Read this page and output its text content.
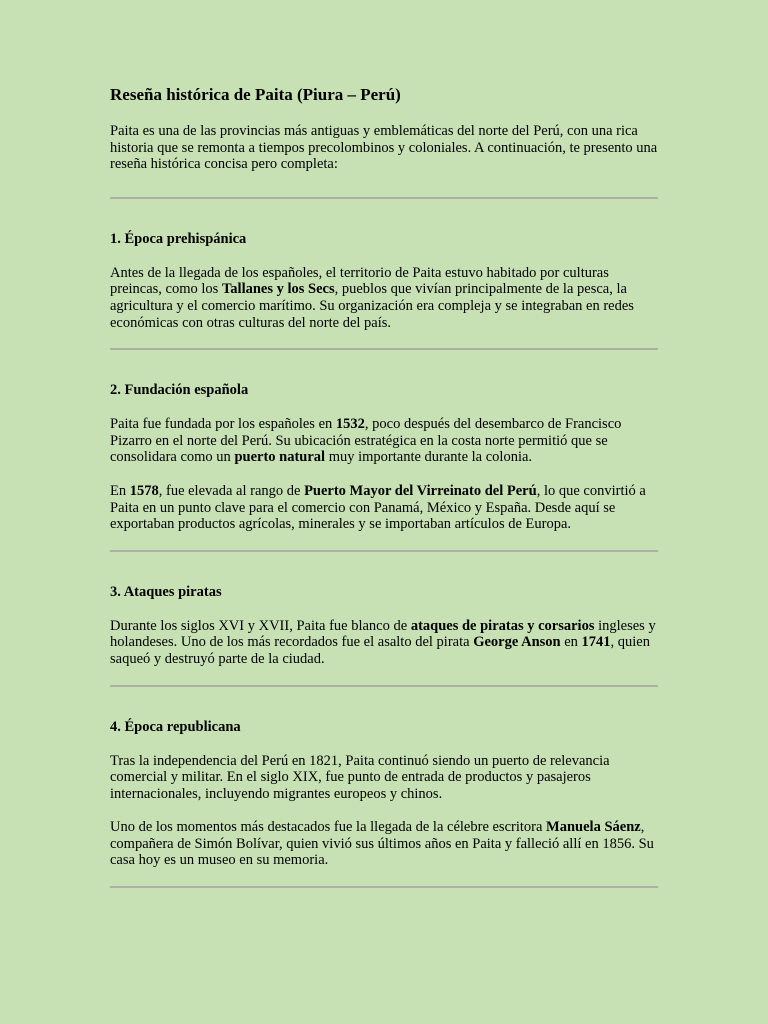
Reseña histórica de Paita (Piura – Perú)

Paita es una de las provincias más antiguas y emblemáticas del norte del Perú, con una rica historia que se remonta a tiempos precolombinos y coloniales. A continuación, te presento una reseña histórica concisa pero completa:

1. Época prehispánica

Antes de la llegada de los españoles, el territorio de Paita estuvo habitado por culturas preincas, como los Tallanes y los Secs, pueblos que vivían principalmente de la pesca, la agricultura y el comercio marítimo. Su organización era compleja y se integraban en redes económicas con otras culturas del norte del país.

2. Fundación española

Paita fue fundada por los españoles en 1532, poco después del desembarco de Francisco Pizarro en el norte del Perú. Su ubicación estratégica en la costa norte permitió que se consolidara como un puerto natural muy importante durante la colonia.

En 1578, fue elevada al rango de Puerto Mayor del Virreinato del Perú, lo que convirtió a Paita en un punto clave para el comercio con Panamá, México y España. Desde aquí se exportaban productos agrícolas, minerales y se importaban artículos de Europa.

3. Ataques piratas

Durante los siglos XVI y XVII, Paita fue blanco de ataques de piratas y corsarios ingleses y holandeses. Uno de los más recordados fue el asalto del pirata George Anson en 1741, quien saqueó y destruyó parte de la ciudad.

4. Época republicana

Tras la independencia del Perú en 1821, Paita continuó siendo un puerto de relevancia comercial y militar. En el siglo XIX, fue punto de entrada de productos y pasajeros internacionales, incluyendo migrantes europeos y chinos.

Uno de los momentos más destacados fue la llegada de la célebre escritora Manuela Sáenz, compañera de Simón Bolívar, quien vivió sus últimos años en Paita y falleció allí en 1856. Su casa hoy es un museo en su memoria.
